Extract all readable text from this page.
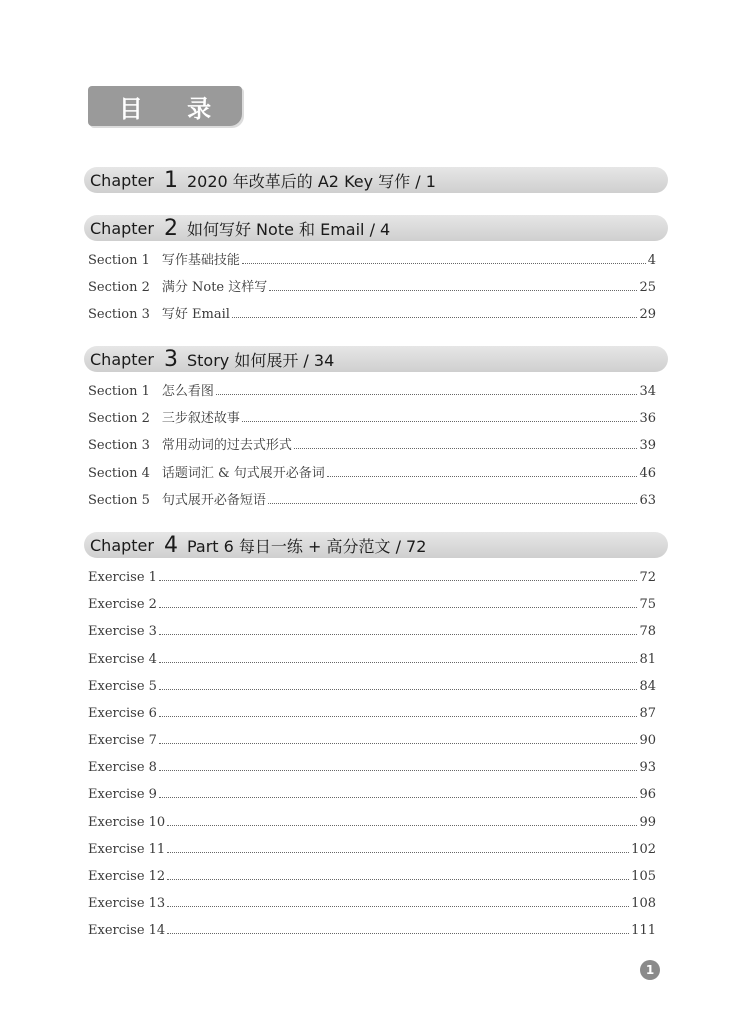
目 录
Chapter 1 2020 年改革后的 A2 Key 写作 / 1
Chapter 2 如何写好 Note 和 Email / 4
Section 1 写作基础技能	4
Section 2 满分 Note 这样写	25
Section 3 写好 Email	29
Chapter 3 Story 如何展开 / 34
Section 1 怎么看图	34
Section 2 三步叙述故事	36
Section 3 常用动词的过去式形式	39
Section 4 话题词汇 & 句式展开必备词	46
Section 5 句式展开必备短语	63
Chapter 4 Part 6 每日一练 + 高分范文 / 72
Exercise 1	72
Exercise 2	75
Exercise 3	78
Exercise 4	81
Exercise 5	84
Exercise 6	87
Exercise 7	90
Exercise 8	93
Exercise 9	96
Exercise 10	99
Exercise 11	102
Exercise 12	105
Exercise 13	108
Exercise 14	111
1
